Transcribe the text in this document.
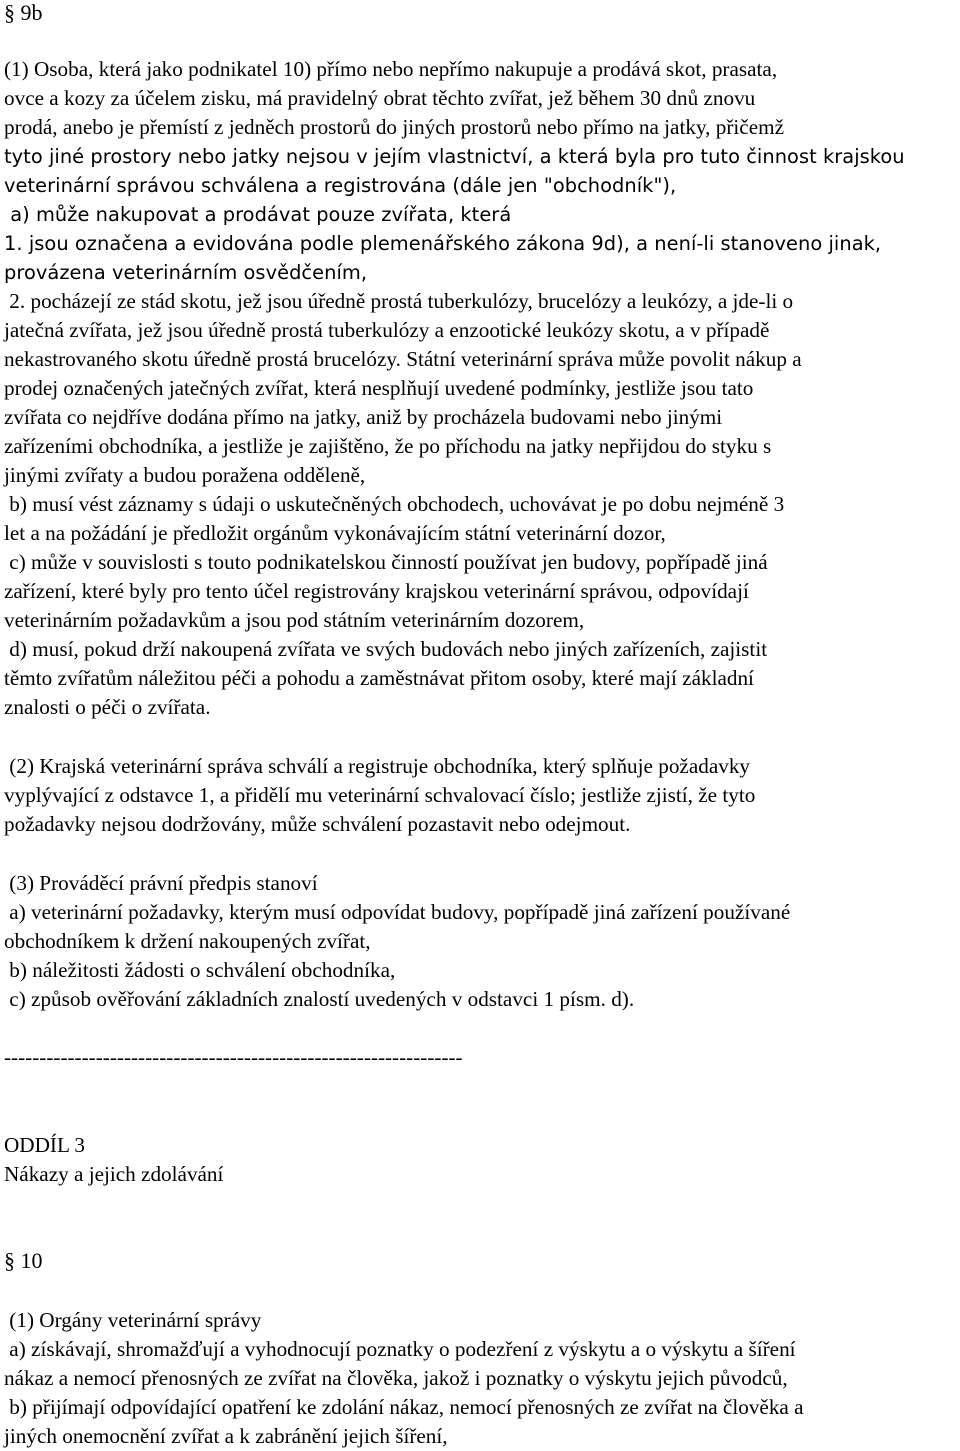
§ 9b
(1) Osoba, která jako podnikatel 10) přímo nebo nepřímo nakupuje a prodává skot, prasata,
ovce a kozy za účelem zisku, má pravidelný obrat těchto zvířat, jež během 30 dnů znovu
prodá, anebo je přemístí z jedněch prostorů do jiných prostorů nebo přímo na jatky, přičemž
tyto jiné prostory nebo jatky nejsou v jejím vlastnictví, a která byla pro tuto činnost krajskou
veterinární správou schválena a registrována (dále jen "obchodník"),
a) může nakupovat a prodávat pouze zvířata, která
1. jsou označena a evidována podle plemenářského zákona 9d), a není-li stanoveno jinak,
provázena veterinárním osvědčením,
2. pocházejí ze stád skotu, jež jsou úředně prostá tuberkulózy, brucelózy a leukózy, a jde-li o
jatečná zvířata, jež jsou úředně prostá tuberkulózy a enzootické leukózy skotu, a v případě
nekastrovaného skotu úředně prostá brucelózy. Státní veterinární správa může povolit nákup a
prodej označených jatečných zvířat, která nesplňují uvedené podmínky, jestliže jsou tato
zvířata co nejdříve dodána přímo na jatky, aniž by procházela budovami nebo jinými
zařízeními obchodníka, a jestliže je zajištěno, že po příchodu na jatky nepřijdou do styku s
jinými zvířaty a budou poražena odděleně,
b) musí vést záznamy s údaji o uskutečněných obchodech, uchovávat je po dobu nejméně 3
let a na požádání je předložit orgánům vykonávajícím státní veterinární dozor,
c) může v souvislosti s touto podnikatelskou činností používat jen budovy, popřípadě jiná
zařízení, které byly pro tento účel registrovány krajskou veterinární správou, odpovídají
veterinárním požadavkům a jsou pod státním veterinárním dozorem,
d) musí, pokud drží nakoupená zvířata ve svých budovách nebo jiných zařízeních, zajistit
těmto zvířatům náležitou péči a pohodu a zaměstnávat přitom osoby, které mají základní
znalosti o péči o zvířata.
(2) Krajská veterinární správa schválí a registruje obchodníka, který splňuje požadavky
vyplývající z odstavce 1, a přidělí mu veterinární schvalovací číslo; jestliže zjistí, že tyto
požadavky nejsou dodržovány, může schválení pozastavit nebo odejmout.
(3) Prováděcí právní předpis stanoví
a) veterinární požadavky, kterým musí odpovídat budovy, popřípadě jiná zařízení používané
obchodníkem k držení nakoupených zvířat,
b) náležitosti žádosti o schválení obchodníka,
c) způsob ověřování základních znalostí uvedených v odstavci 1 písm. d).
-----------------------------------------------------------------
ODDÍL 3
Nákazy a jejich zdolávání
§ 10
(1) Orgány veterinární správy
a) získávají, shromažďují a vyhodnocují poznatky o podezření z výskytu a o výskytu a šíření
nákaz a nemocí přenosných ze zvířat na člověka, jakož i poznatky o výskytu jejich původců,
b) přijímají odpovídající opatření ke zdolání nákaz, nemocí přenosných ze zvířat na člověka a
jiných onemocnění zvířat a k zabránění jejich šíření,
